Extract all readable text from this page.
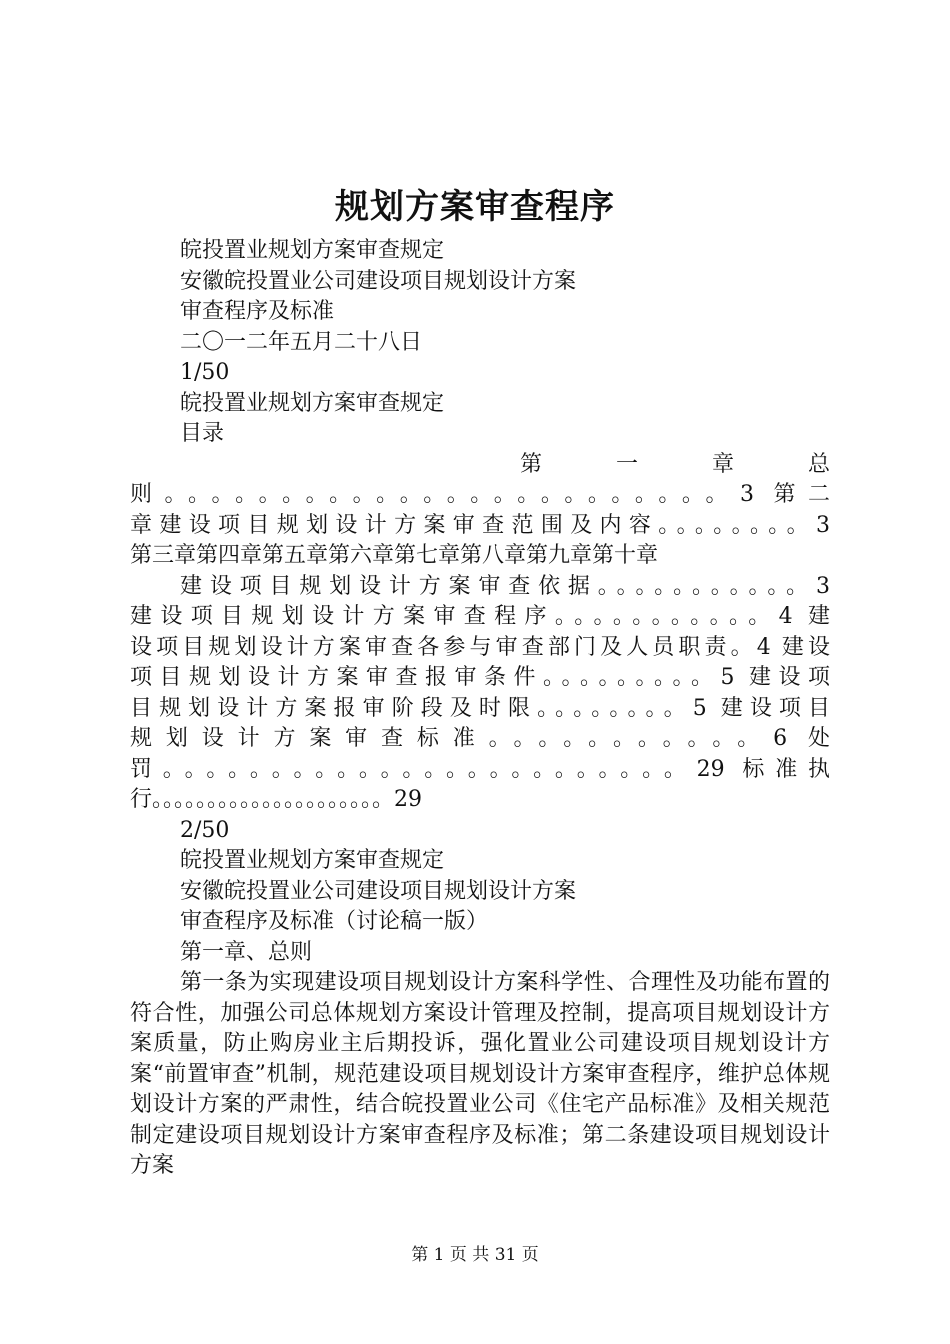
规划方案审查程序
皖投置业规划方案审查规定
安徽皖投置业公司建设项目规划设计方案
审查程序及标准
二〇一二年五月二十八日
1/50
皖投置业规划方案审查规定
目录
第　　一　　章　　总
则。。。。。。。。。。。。。。。。。。。。。。。。3 第二
章建设项目规划设计方案审查范围及内容。。。。。。。。3
第三章第四章第五章第六章第七章第八章第九章第十章
建设项目规划设计方案审查依据。。。。。。。。。。。3
建设项目规划设计方案审查程序。。。。。。。。。。。4 建
设项目规划设计方案审查各参与审查部门及人员职责。4 建设
项目规划设计方案审查报审条件。。。。。。。。。5 建设项
目规划设计方案报审阶段及时限。。。。。。。。5 建设项目
规划设计方案审查标准。。。。。。。。。。。6 处
罚。。。。。。。。。。。。。。。。。。。。。。。。29 标准执
行。。。。。。。。。。。。。。。。。。。。。29
2/50
皖投置业规划方案审查规定
安徽皖投置业公司建设项目规划设计方案
审查程序及标准（讨论稿一版）
第一章、总则
第一条为实现建设项目规划设计方案科学性、合理性及功能布置的符合性，加强公司总体规划方案设计管理及控制，提高项目规划设计方案质量，防止购房业主后期投诉，强化置业公司建设项目规划设计方案“前置审查”机制，规范建设项目规划设计方案审查程序，维护总体规划设计方案的严肃性，结合皖投置业公司《住宅产品标准》及相关规范制定建设项目规划设计方案审查程序及标准；第二条建设项目规划设计方案
第 1 页 共 31 页
